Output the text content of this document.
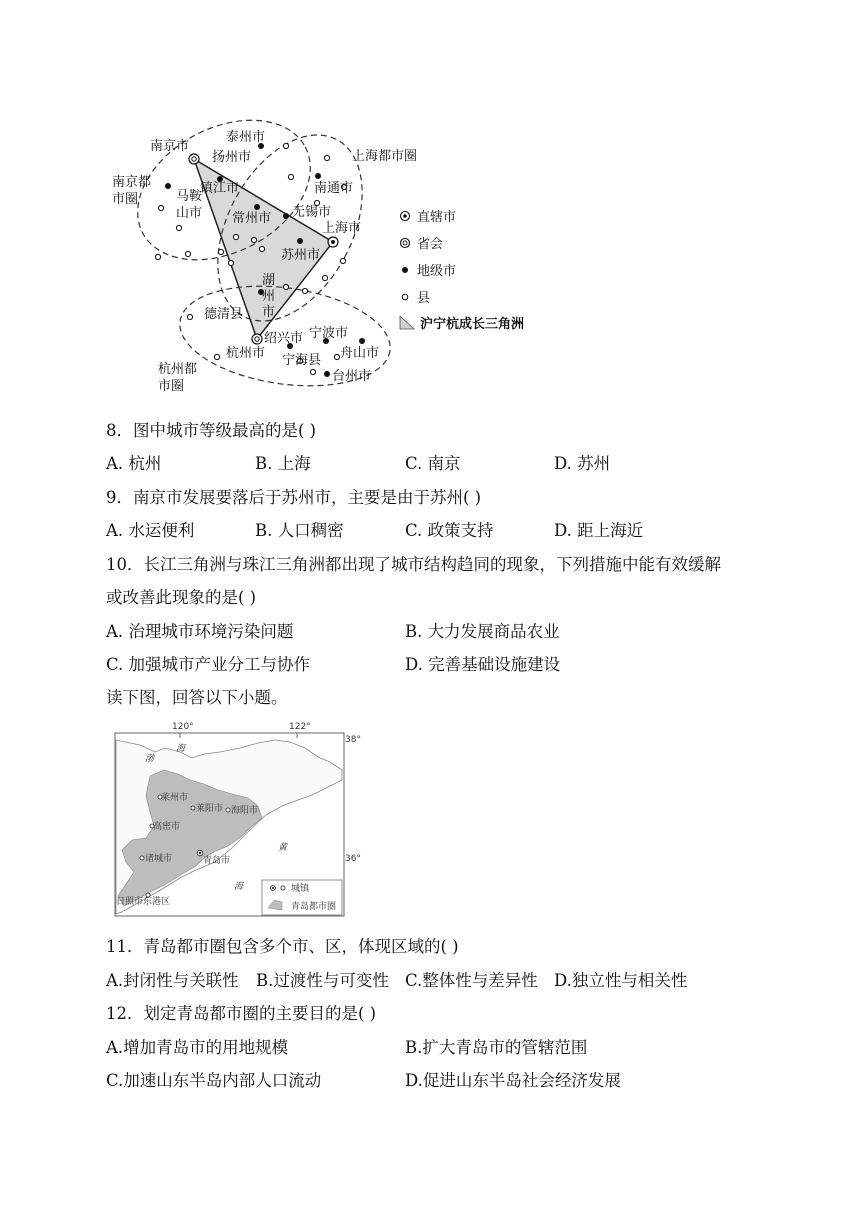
南京市
泰州市
扬州市
镇江市
常州市 无锡市
苏州市
上海市
南通市
湖
州
市
德清县
绍兴市
杭州市
宁波市
宁海县 舟山市
台州市
马鞍
山市
南京都
市圈
上海都市圈
杭州都
市圈
直辖市
省会
地级市
县
沪宁杭成长三角洲
8．图中城市等级最高的是( )
A. 杭州	B. 上海	C. 南京	D. 苏州
9．南京市发展要落后于苏州市，主要是由于苏州( )
A. 水运便利	B. 人口稠密	C. 政策支持	D. 距上海近
10．长江三角洲与珠江三角洲都出现了城市结构趋同的现象，下列措施中能有效缓解
或改善此现象的是( )
A. 治理城市环境污染问题	B. 大力发展商品农业
C. 加强城市产业分工与协作	D. 完善基础设施建设
读下图，回答以下小题。
120°	122°
38°
36°
渤
海
黄
海
莱州市
莱阳市 海阳市
高密市
诸城市	青岛市
日照市东港区
城镇
青岛都市圈
11．青岛都市圈包含多个市、区，体现区域的( )
A.封闭性与关联性 B.过渡性与可变性 C.整体性与差异性 D.独立性与相关性
12．划定青岛都市圈的主要目的是( )
A.增加青岛市的用地规模	B.扩大青岛市的管辖范围
C.加速山东半岛内部人口流动	D.促进山东半岛社会经济发展
